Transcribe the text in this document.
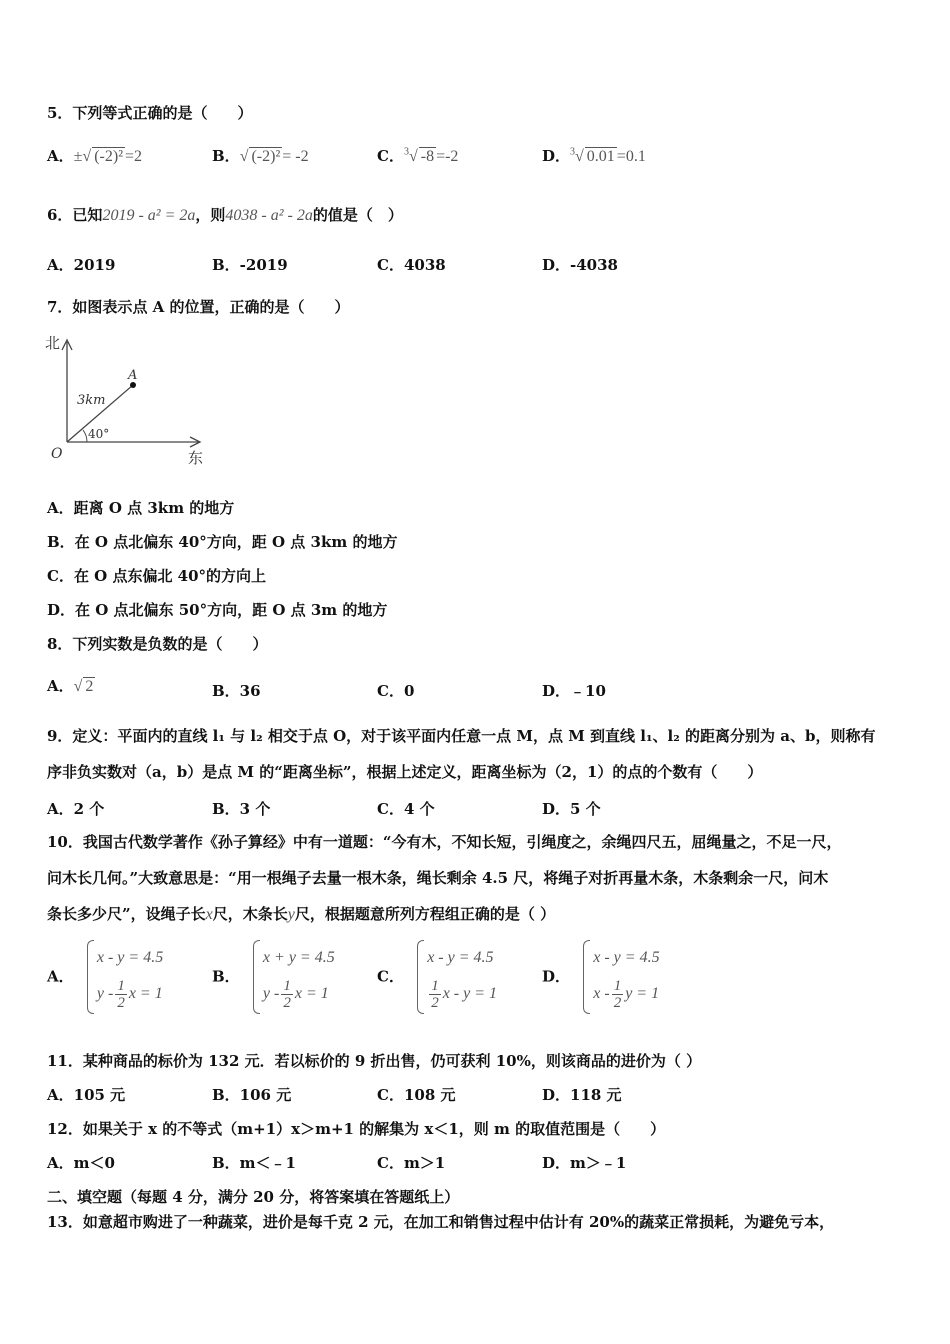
5．下列等式正确的是（　　）
A．±√ (-2)² =2	B．√ (-2)² = -2	C．$^3$√ -8 =-2	D．$^3$√ 0.01 =0.1
6．已知2019 - a² = 2a，则4038 - a² - 2a的值是（　）
A．2019	B．-2019	C．4038	D．-4038
7．如图表示点 A 的位置，正确的是（　　）
北
东
O
A
3km
40°
A．距离 O 点 3km 的地方
B．在 O 点北偏东 40°方向，距 O 点 3km 的地方
C．在 O 点东偏北 40°的方向上
D．在 O 点北偏东 50°方向，距 O 点 3m 的地方
8．下列实数是负数的是（　　）
A．√ 2	B．36	C．0	D．﹣10
9．定义：平面内的直线 l₁ 与 l₂ 相交于点 O，对于该平面内任意一点 M，点 M 到直线 l₁、l₂ 的距离分别为 a、b，则称有
序非负实数对（a，b）是点 M 的“距离坐标”，根据上述定义，距离坐标为（2，1）的点的个数有（　　）
A．2 个	B．3 个	C．4 个	D．5 个
10．我国古代数学著作《孙子算经》中有一道题：“今有木，不知长短，引绳度之，余绳四尺五，屈绳量之，不足一尺，
问木长几何。”大致意思是：“用一根绳子去量一根木条，绳长剩余 4.5 尺，将绳子对折再量木条，木条剩余一尺，问木
条长多少尺”，设绳子长x尺，木条长y尺，根据题意所列方程组正确的是（ ）
A．
x - y = 4.5
y - $\frac{1}{2}$ x = 1
B．
x + y = 4.5
y - $\frac{1}{2}$ x = 1
C．
x - y = 4.5
$\frac{1}{2}$ x - y = 1
D．
x - y = 4.5
x - $\frac{1}{2}$ y = 1
11．某种商品的标价为 132 元．若以标价的 9 折出售，仍可获利 10%，则该商品的进价为（ ）
A．105 元	B．106 元	C．108 元	D．118 元
12．如果关于 x 的不等式（m+1）x＞m+1 的解集为 x＜1，则 m 的取值范围是（　　）
A．m＜0	B．m＜﹣1	C．m＞1	D．m＞﹣1
二、填空题（每题 4 分，满分 20 分，将答案填在答题纸上）
13．如意超市购进了一种蔬菜，进价是每千克 2 元，在加工和销售过程中估计有 20%的蔬菜正常损耗，为避免亏本，
